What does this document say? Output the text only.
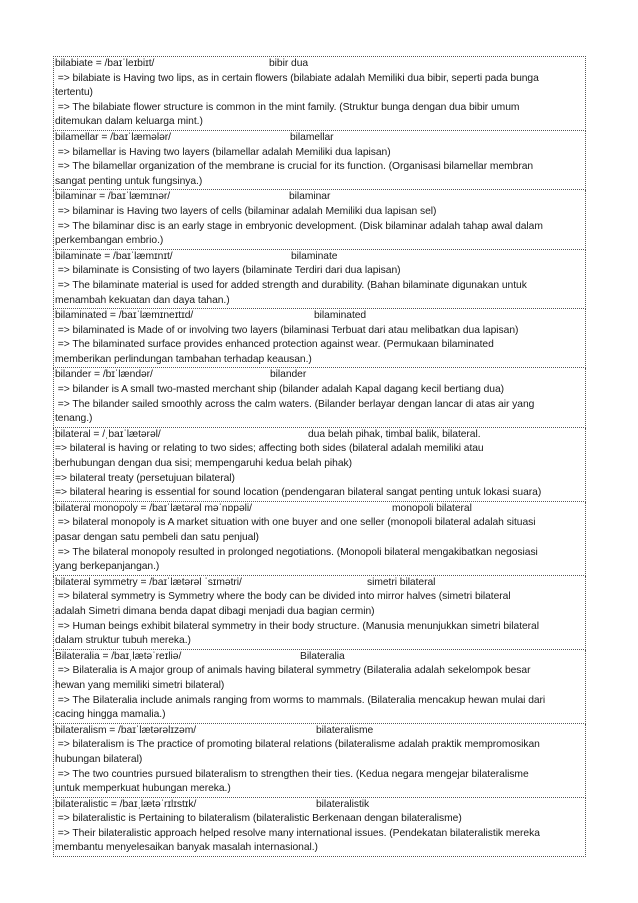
bilabiate = /baɪˈleɪbiɪt/	bibir dua
=> bilabiate is Having two lips, as in certain flowers (bilabiate adalah Memiliki dua bibir, seperti pada bunga
tertentu)
=> The bilabiate flower structure is common in the mint family. (Struktur bunga dengan dua bibir umum
ditemukan dalam keluarga mint.)
bilamellar = /baɪˈlæmələr/	bilamellar
=> bilamellar is Having two layers (bilamellar adalah Memiliki dua lapisan)
=> The bilamellar organization of the membrane is crucial for its function. (Organisasi bilamellar membran
sangat penting untuk fungsinya.)
bilaminar = /baɪˈlæmɪnər/	bilaminar
=> bilaminar is Having two layers of cells (bilaminar adalah Memiliki dua lapisan sel)
=> The bilaminar disc is an early stage in embryonic development. (Disk bilaminar adalah tahap awal dalam
perkembangan embrio.)
bilaminate = /baɪˈlæmɪnɪt/	bilaminate
=> bilaminate is Consisting of two layers (bilaminate Terdiri dari dua lapisan)
=> The bilaminate material is used for added strength and durability. (Bahan bilaminate digunakan untuk
menambah kekuatan dan daya tahan.)
bilaminated = /baɪˈlæmɪneɪtɪd/	bilaminated
=> bilaminated is Made of or involving two layers (bilaminasi Terbuat dari atau melibatkan dua lapisan)
=> The bilaminated surface provides enhanced protection against wear. (Permukaan bilaminated
memberikan perlindungan tambahan terhadap keausan.)
bilander = /bɪˈlændər/	bilander
=> bilander is A small two-masted merchant ship (bilander adalah Kapal dagang kecil bertiang dua)
=> The bilander sailed smoothly across the calm waters. (Bilander berlayar dengan lancar di atas air yang
tenang.)
bilateral = /ˌbaɪˈlætərəl/	dua belah pihak, timbal balik, bilateral.
=> bilateral is having or relating to two sides; affecting both sides (bilateral adalah memiliki atau
berhubungan dengan dua sisi; mempengaruhi kedua belah pihak)
=> bilateral treaty (persetujuan bilateral)
=> bilateral hearing is essential for sound location (pendengaran bilateral sangat penting untuk lokasi suara)
bilateral monopoly = /baɪˈlætərəl məˈnɒpəli/	monopoli bilateral
=> bilateral monopoly is A market situation with one buyer and one seller (monopoli bilateral adalah situasi
pasar dengan satu pembeli dan satu penjual)
=> The bilateral monopoly resulted in prolonged negotiations. (Monopoli bilateral mengakibatkan negosiasi
yang berkepanjangan.)
bilateral symmetry = /baɪˈlætərəl ˈsɪmətri/	simetri bilateral
=> bilateral symmetry is Symmetry where the body can be divided into mirror halves (simetri bilateral
adalah Simetri dimana benda dapat dibagi menjadi dua bagian cermin)
=> Human beings exhibit bilateral symmetry in their body structure. (Manusia menunjukkan simetri bilateral
dalam struktur tubuh mereka.)
Bilateralia = /baɪˌlætəˈreɪliə/	Bilateralia
=> Bilateralia is A major group of animals having bilateral symmetry (Bilateralia adalah sekelompok besar
hewan yang memiliki simetri bilateral)
=> The Bilateralia include animals ranging from worms to mammals. (Bilateralia mencakup hewan mulai dari
cacing hingga mamalia.)
bilateralism = /baɪˈlætərəlɪzəm/	bilateralisme
=> bilateralism is The practice of promoting bilateral relations (bilateralisme adalah praktik mempromosikan
hubungan bilateral)
=> The two countries pursued bilateralism to strengthen their ties. (Kedua negara mengejar bilateralisme
untuk memperkuat hubungan mereka.)
bilateralistic = /baɪˌlætəˈrɪlɪstɪk/	bilateralistik
=> bilateralistic is Pertaining to bilateralism (bilateralistic Berkenaan dengan bilateralisme)
=> Their bilateralistic approach helped resolve many international issues. (Pendekatan bilateralistik mereka
membantu menyelesaikan banyak masalah internasional.)
